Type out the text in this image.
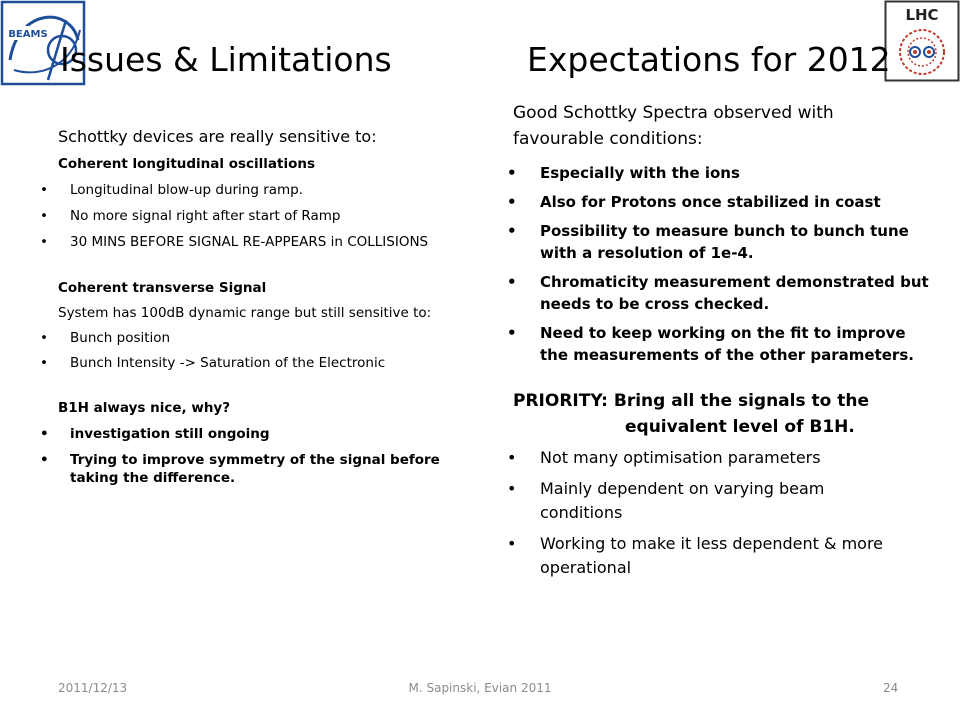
BEAMS
LHC
Issues & Limitations	Expectations for 2012
Schottky devices are really sensitive to:
Coherent longitudinal oscillations
• Longitudinal blow-up during ramp.
• No more signal right after start of Ramp
• 30 MINS BEFORE SIGNAL RE-APPEARS in COLLISIONS
Coherent transverse Signal
System has 100dB dynamic range but still sensitive to:
• Bunch position
• Bunch Intensity -> Saturation of the Electronic
B1H always nice, why?
• investigation still ongoing
• Trying to improve symmetry of the signal before taking the difference.
Good Schottky Spectra observed with favourable conditions:
• Especially with the ions
• Also for Protons once stabilized in coast
• Possibility to measure bunch to bunch tune with a resolution of 1e-4.
• Chromaticity measurement demonstrated but needs to be cross checked.
• Need to keep working on the fit to improve the measurements of the other parameters.
PRIORITY: Bring all the signals to the
equivalent level of B1H.
• Not many optimisation parameters
• Mainly dependent on varying beam conditions
• Working to make it less dependent & more operational
2011/12/13	M. Sapinski, Evian 2011	24
